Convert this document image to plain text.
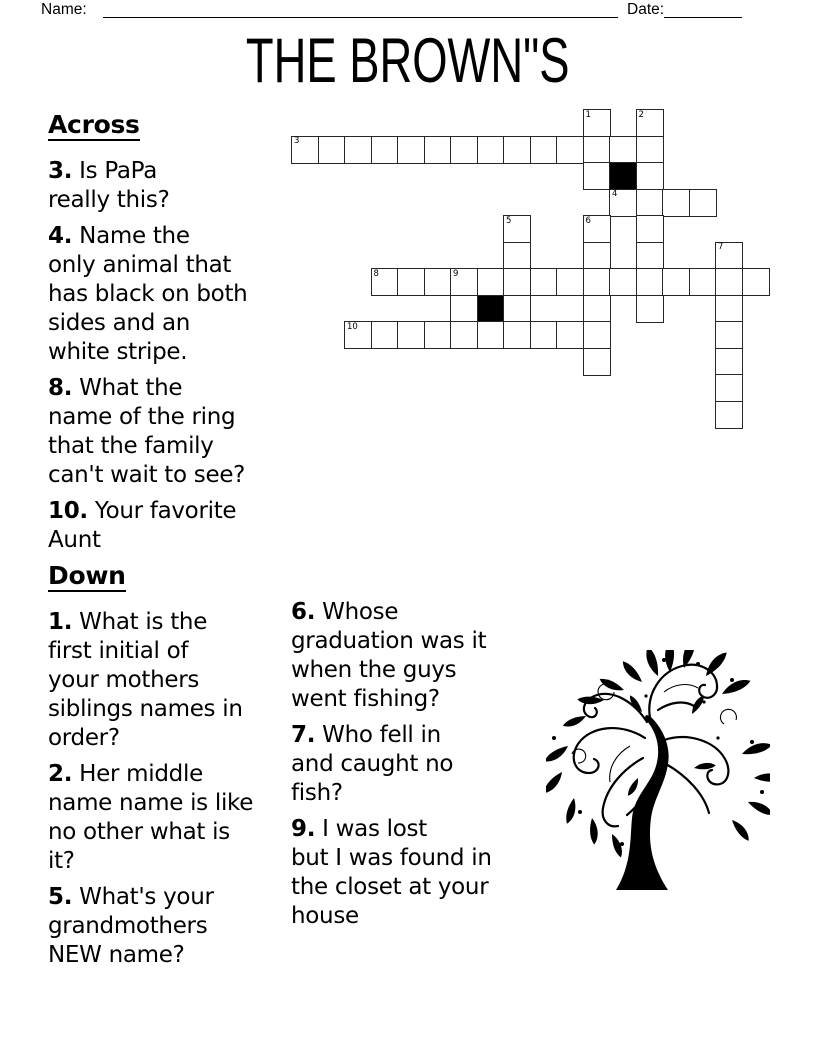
Name:	Date:
THE BROWN"S
1	2
3
4
5	6
7
8	9
10
Across
3. Is PaPa
really this?
4. Name the
only animal that
has black on both
sides and an
white stripe.
8. What the
name of the ring
that the family
can't wait to see?
10. Your favorite
Aunt
Down
1. What is the
first initial of
your mothers
siblings names in
order?
2. Her middle
name name is like
no other what is
it?
5. What's your
grandmothers
NEW name?
6. Whose
graduation was it
when the guys
went fishing?
7. Who fell in
and caught no
fish?
9. I was lost
but I was found in
the closet at your
house
